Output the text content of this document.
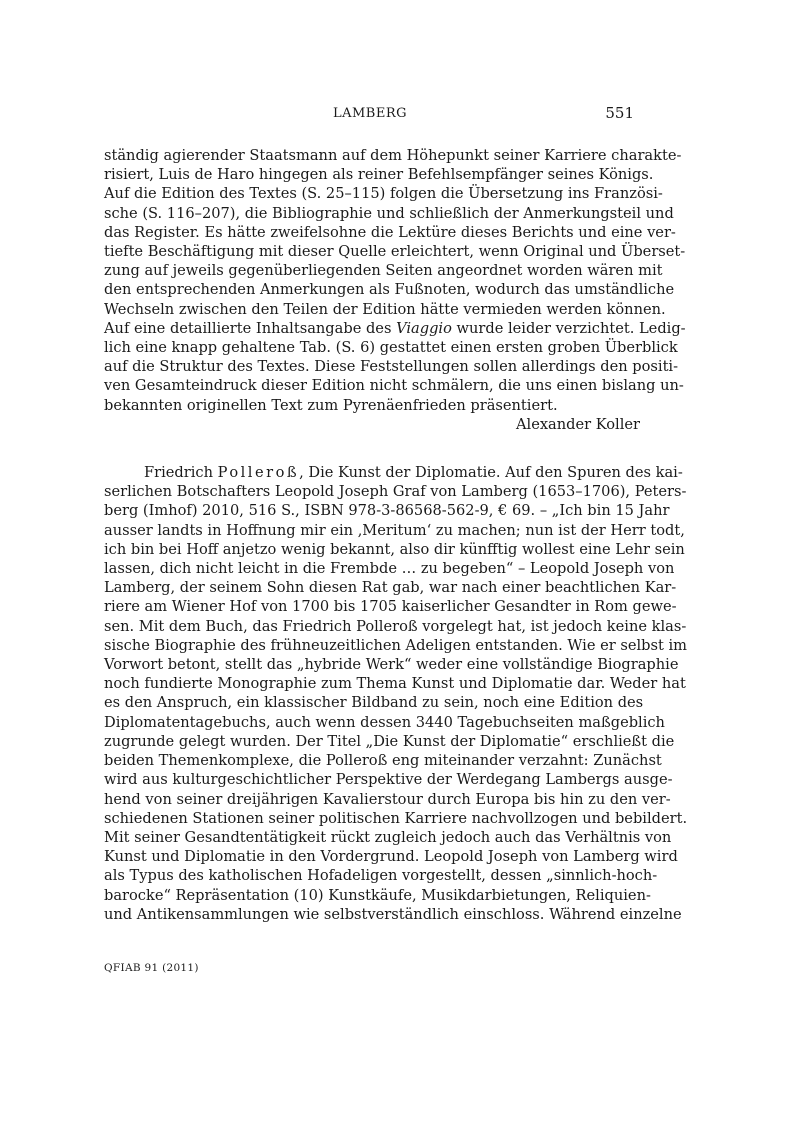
LAMBERG	551
ständig agierender Staatsmann auf dem Höhepunkt seiner Karriere charakte-
risiert, Luis de Haro hingegen als reiner Befehlsempfänger seines Königs.
Auf die Edition des Textes (S. 25–115) folgen die Übersetzung ins Französi-
sche (S. 116–207), die Bibliographie und schließlich der Anmerkungsteil und
das Register. Es hätte zweifelsohne die Lektüre dieses Berichts und eine ver-
tiefte Beschäftigung mit dieser Quelle erleichtert, wenn Original und Überset-
zung auf jeweils gegenüberliegenden Seiten angeordnet worden wären mit
den entsprechenden Anmerkungen als Fußnoten, wodurch das umständliche
Wechseln zwischen den Teilen der Edition hätte vermieden werden können.
Auf eine detaillierte Inhaltsangabe des Viaggio wurde leider verzichtet. Ledig-
lich eine knapp gehaltene Tab. (S. 6) gestattet einen ersten groben Überblick
auf die Struktur des Textes. Diese Feststellungen sollen allerdings den positi-
ven Gesamteindruck dieser Edition nicht schmälern, die uns einen bislang un-
bekannten originellen Text zum Pyrenäenfrieden präsentiert.
Alexander Koller
Friedrich Polleroß, Die Kunst der Diplomatie. Auf den Spuren des kai-
serlichen Botschafters Leopold Joseph Graf von Lamberg (1653–1706), Peters-
berg (Imhof) 2010, 516 S., ISBN 978-3-86568-562-9, € 69. – „Ich bin 15 Jahr
ausser landts in Hoffnung mir ein ‚Meritum‘ zu machen; nun ist der Herr todt,
ich bin bei Hoff anjetzo wenig bekannt, also dir künfftig wollest eine Lehr sein
lassen, dich nicht leicht in die Frembde … zu begeben“ – Leopold Joseph von
Lamberg, der seinem Sohn diesen Rat gab, war nach einer beachtlichen Kar-
riere am Wiener Hof von 1700 bis 1705 kaiserlicher Gesandter in Rom gewe-
sen. Mit dem Buch, das Friedrich Polleroß vorgelegt hat, ist jedoch keine klas-
sische Biographie des frühneuzeitlichen Adeligen entstanden. Wie er selbst im
Vorwort betont, stellt das „hybride Werk“ weder eine vollständige Biographie
noch fundierte Monographie zum Thema Kunst und Diplomatie dar. Weder hat
es den Anspruch, ein klassischer Bildband zu sein, noch eine Edition des
Diplomatentagebuchs, auch wenn dessen 3440 Tagebuchseiten maßgeblich
zugrunde gelegt wurden. Der Titel „Die Kunst der Diplomatie“ erschließt die
beiden Themenkomplexe, die Polleroß eng miteinander verzahnt: Zunächst
wird aus kulturgeschichtlicher Perspektive der Werdegang Lambergs ausge-
hend von seiner dreijährigen Kavalierstour durch Europa bis hin zu den ver-
schiedenen Stationen seiner politischen Karriere nachvollzogen und bebildert.
Mit seiner Gesandtentätigkeit rückt zugleich jedoch auch das Verhältnis von
Kunst und Diplomatie in den Vordergrund. Leopold Joseph von Lamberg wird
als Typus des katholischen Hofadeligen vorgestellt, dessen „sinnlich-hoch-
barocke“ Repräsentation (10) Kunstkäufe, Musikdarbietungen, Reliquien-
und Antikensammlungen wie selbstverständlich einschloss. Während einzelne
QFIAB 91 (2011)
